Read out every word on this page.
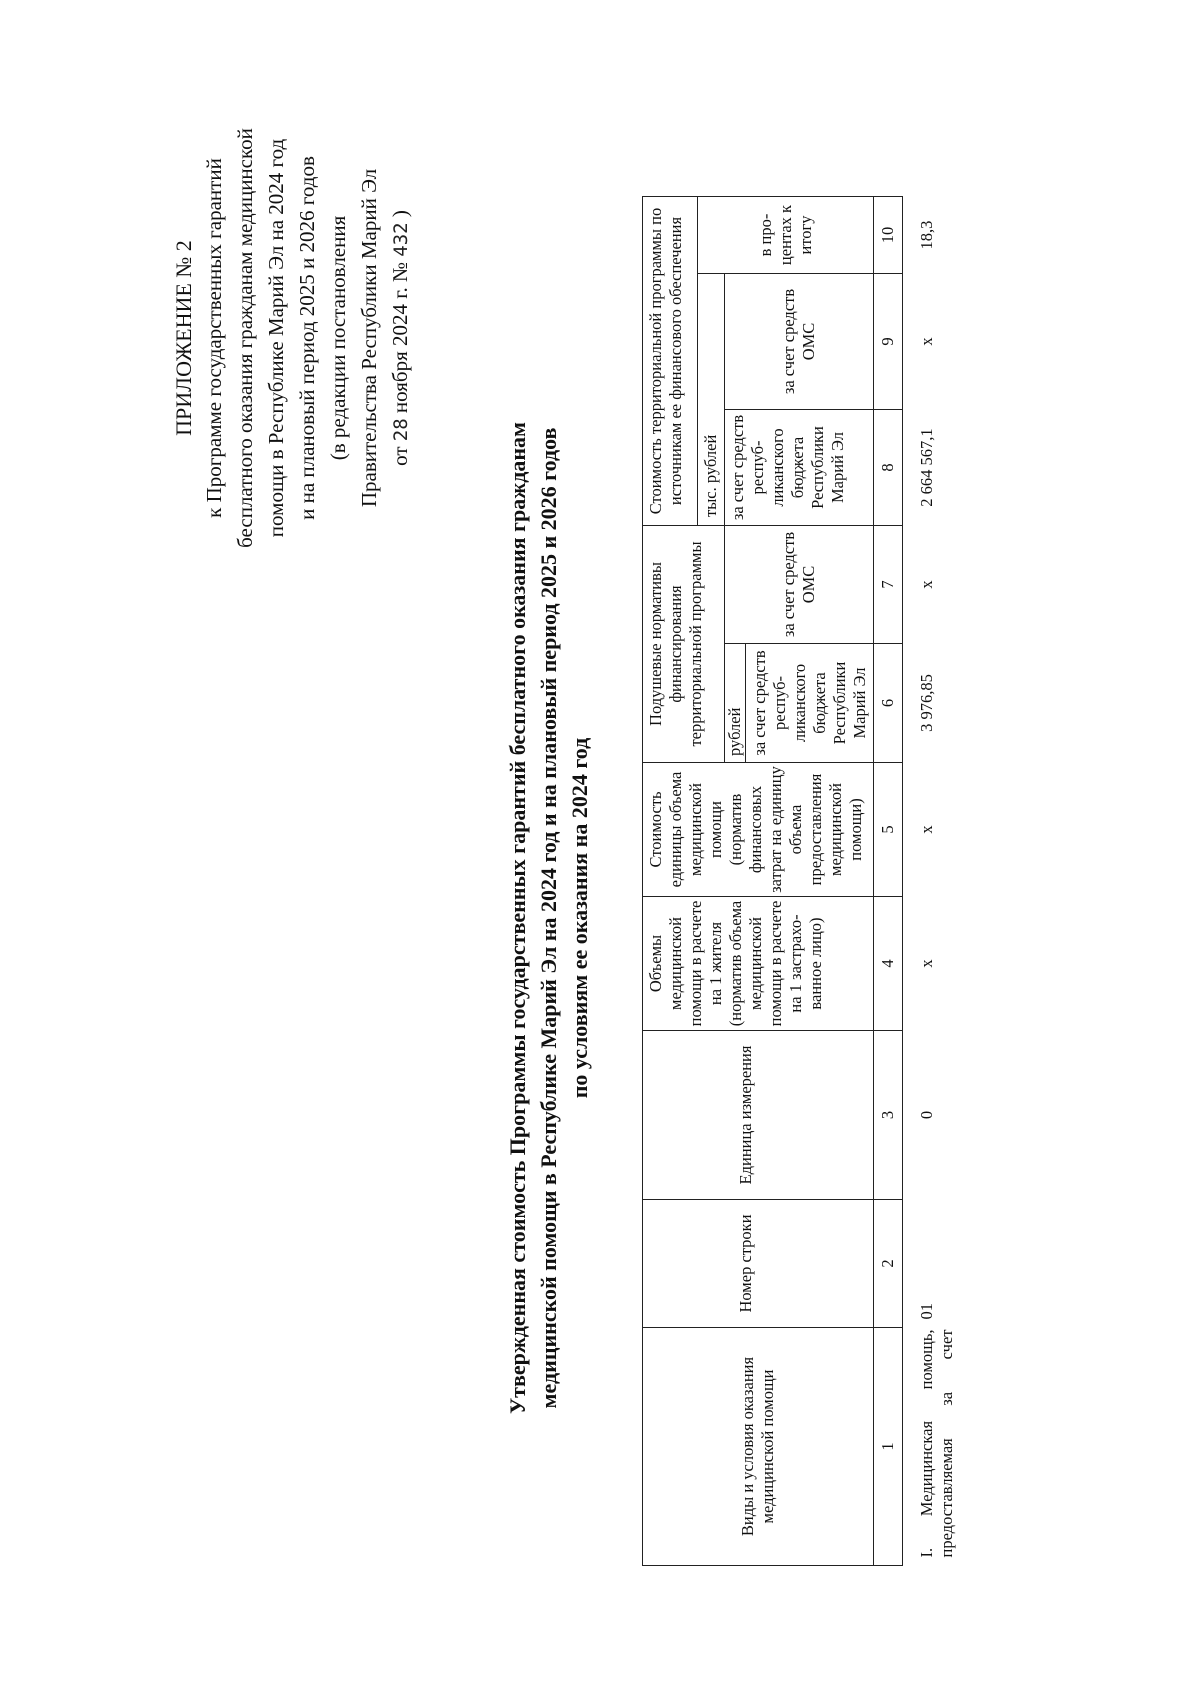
ПРИЛОЖЕНИЕ № 2 к Программе государственных гарантий бесплатного оказания гражданам медицинской помощи в Республике Марий Эл на 2024 год и на плановый период 2025 и 2026 годов (в редакции постановления Правительства Республики Марий Эл от 28 ноября 2024 г. № 432 )
Утвержденная стоимость Программы государственных гарантий бесплатного оказания гражданам медицинской помощи в Республике Марий Эл на 2024 год и на плановый период 2025 и 2026 годов по условиям ее оказания на 2024 год
Виды и условия оказания медицинской помощи	Номер строки	Единица измерения	Объемы медицинской помощи в расчете на 1 жителя (норматив объема медицинской помощи в расчете на 1 застрахо-ванное лицо)	Стоимость единицы объема медицинской помощи (норматив финансовых затрат на единицу объема предоставления медицинской помощи)	Подушевые нормативы финансирования территориальной программы		Стоимость территориальной программы по источникам ее финансового обеспечения		
							тыс. рублей		в про-центах к итогу

					рублей за счет средств респуб-ликанского бюджета Республики Марий Эл	за счет средств ОМС	за счет средств респуб-ликанского бюджета Республики Марий Эл	за счет средств ОМС	
1	2	3	4	5	6	7	8	9	10

I. Медицинская помощь, предоставляемая за счет	01	0	х	х	3 976,85	х	2 664 567,1	х	18,3
